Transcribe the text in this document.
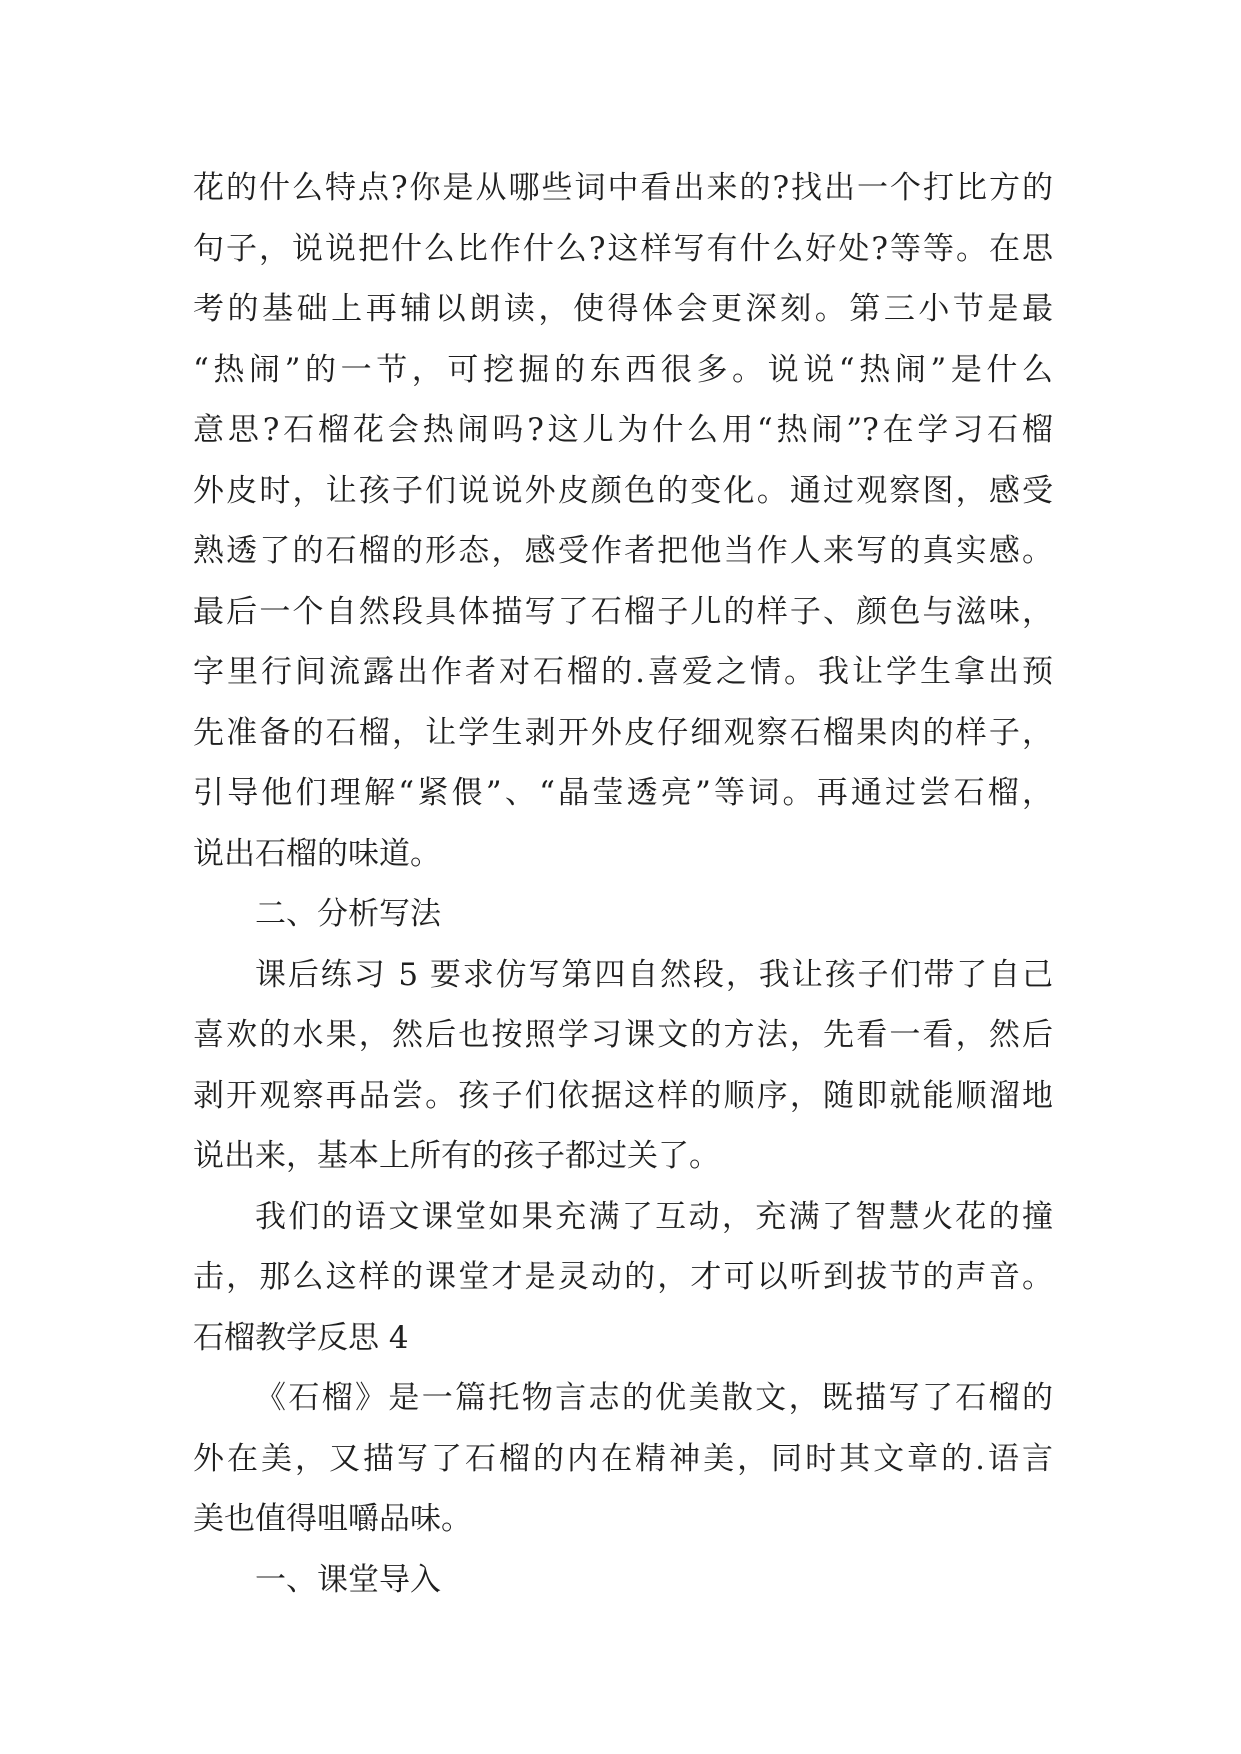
花的什么特点?你是从哪些词中看出来的?找出一个打比方的
句子，说说把什么比作什么?这样写有什么好处?等等。在思
考的基础上再辅以朗读，使得体会更深刻。第三小节是最
“热闹”的一节，可挖掘的东西很多。说说“热闹”是什么
意思?石榴花会热闹吗?这儿为什么用“热闹”?在学习石榴
外皮时，让孩子们说说外皮颜色的变化。通过观察图，感受
熟透了的石榴的形态，感受作者把他当作人来写的真实感。
最后一个自然段具体描写了石榴子儿的样子、颜色与滋味，
字里行间流露出作者对石榴的.喜爱之情。我让学生拿出预
先准备的石榴，让学生剥开外皮仔细观察石榴果肉的样子，
引导他们理解“紧偎”、“晶莹透亮”等词。再通过尝石榴，
说出石榴的味道。
二、分析写法
课后练习 5 要求仿写第四自然段，我让孩子们带了自己
喜欢的水果，然后也按照学习课文的方法，先看一看，然后
剥开观察再品尝。孩子们依据这样的顺序，随即就能顺溜地
说出来，基本上所有的孩子都过关了。
我们的语文课堂如果充满了互动，充满了智慧火花的撞
击，那么这样的课堂才是灵动的，才可以听到拔节的声音。
石榴教学反思 4
《石榴》是一篇托物言志的优美散文，既描写了石榴的
外在美，又描写了石榴的内在精神美，同时其文章的.语言
美也值得咀嚼品味。
一、课堂导入
